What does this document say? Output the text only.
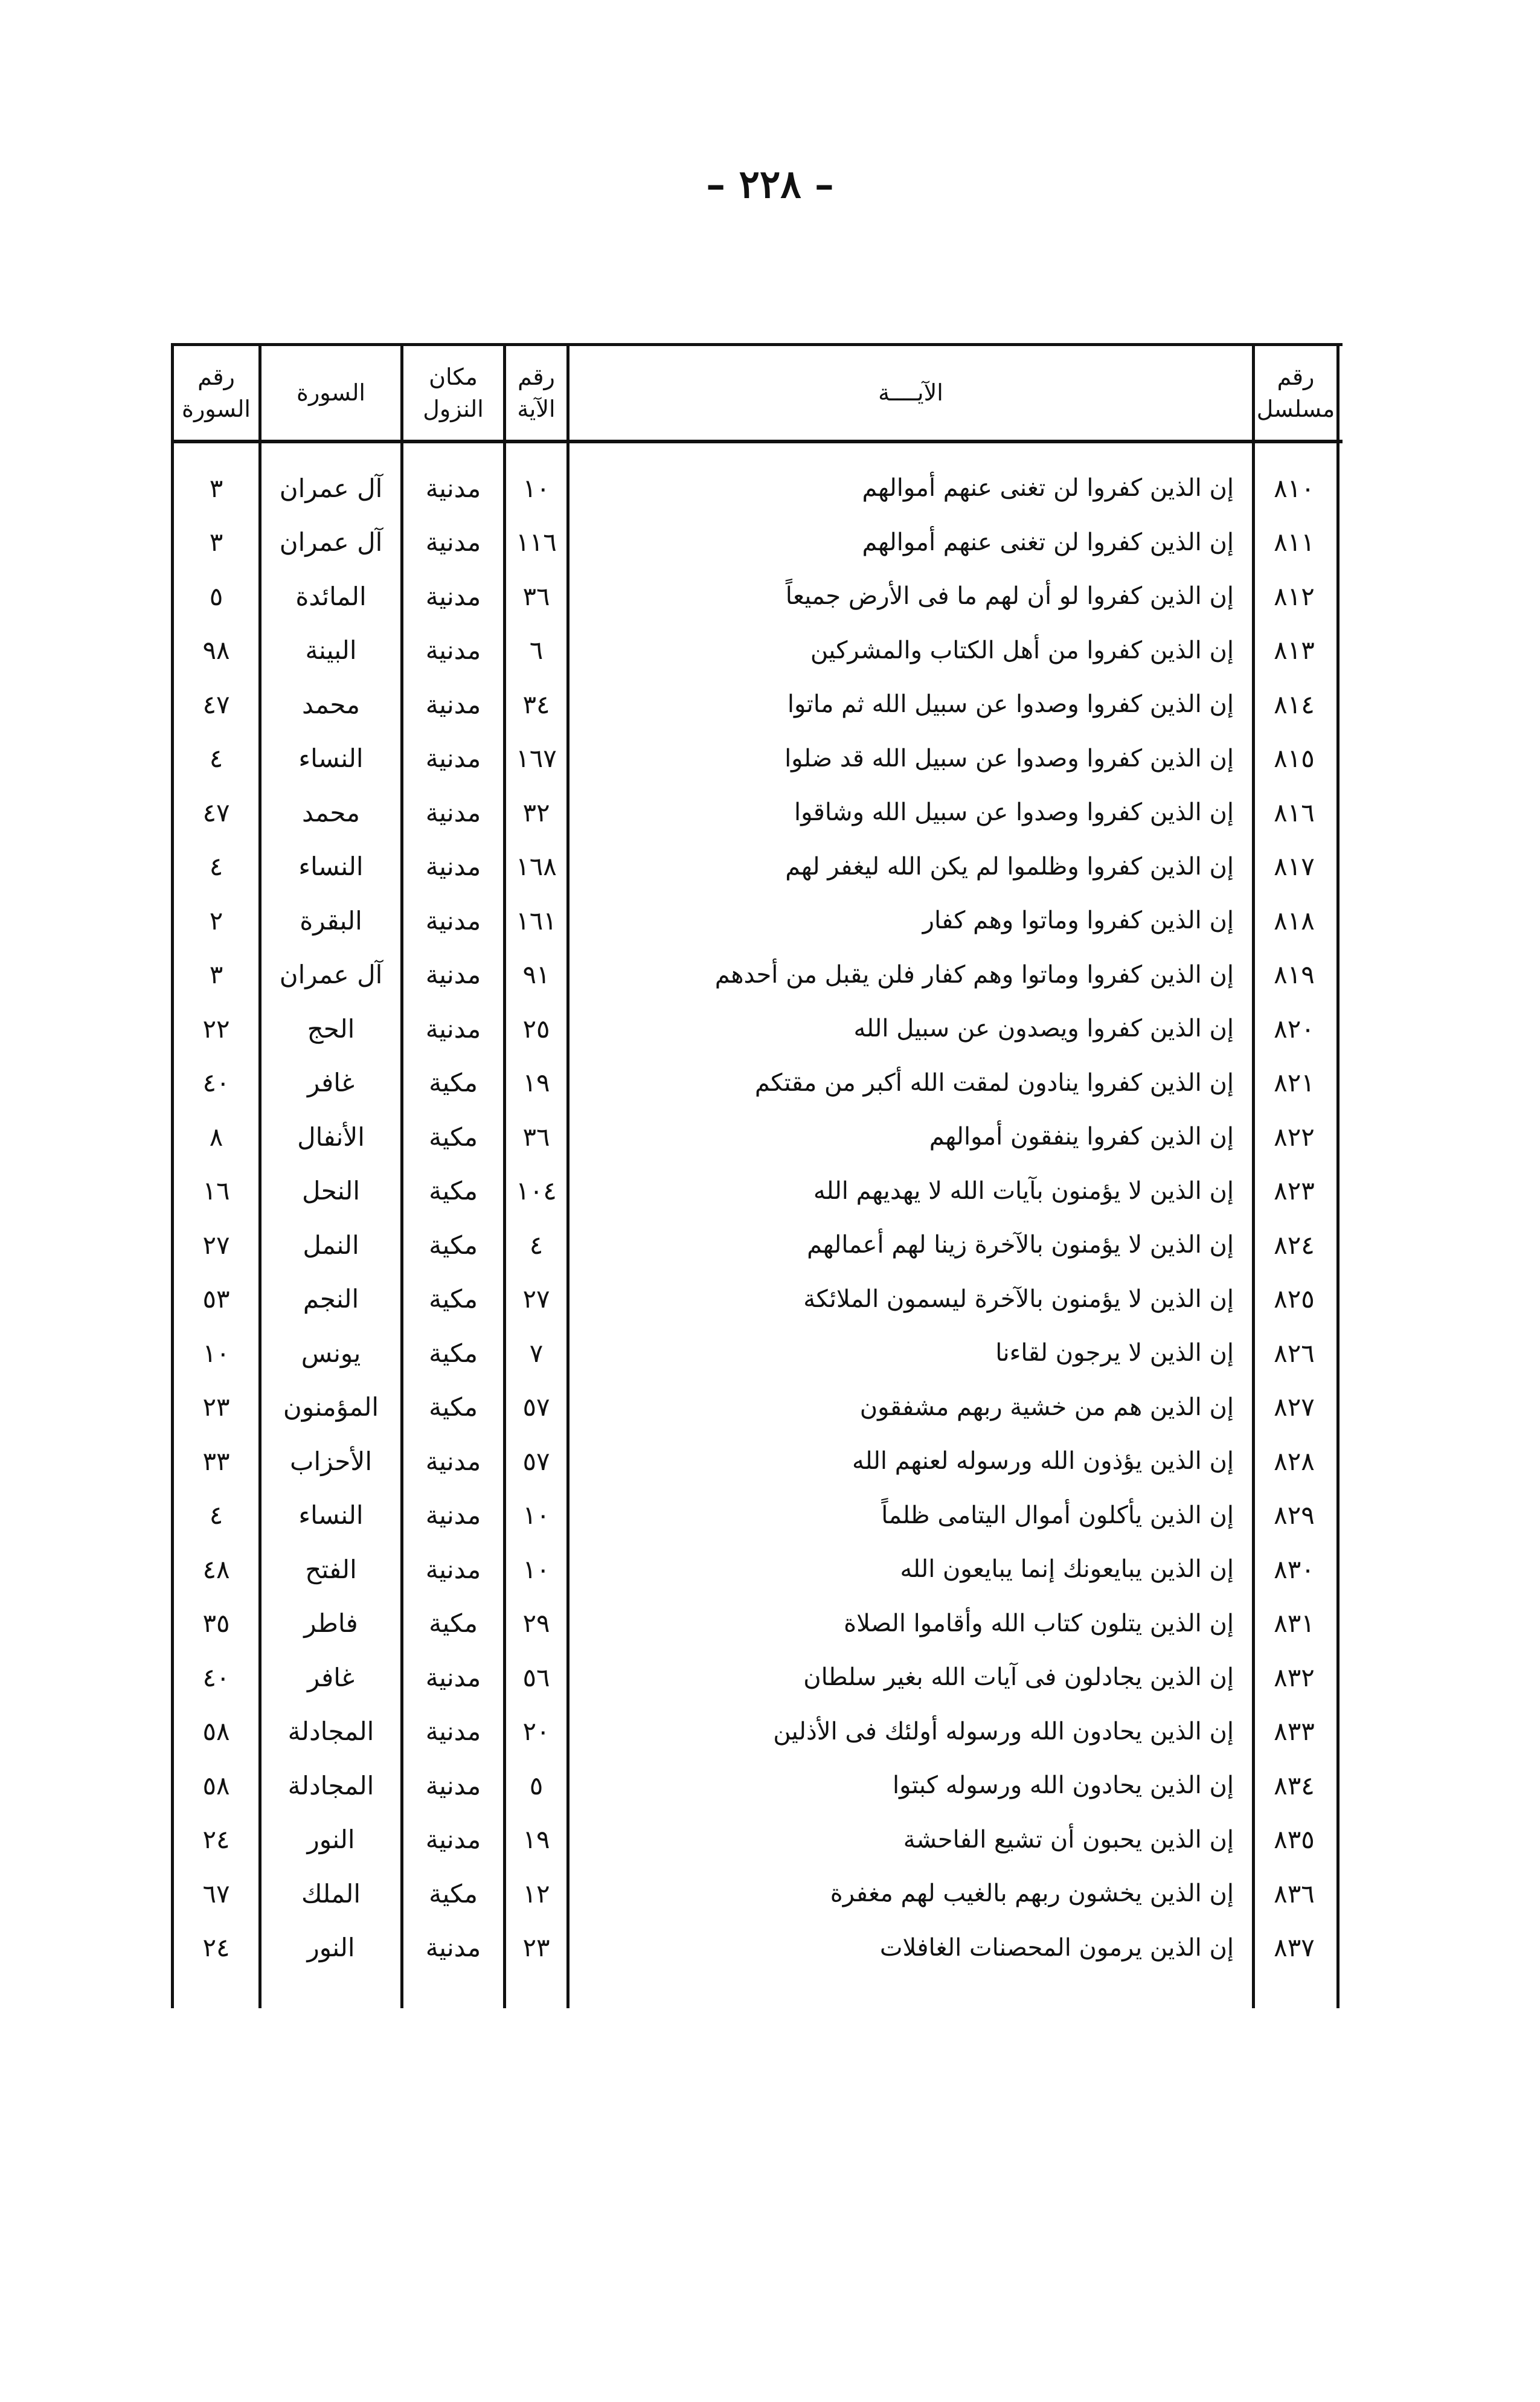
– ٢٢٨ –
رقم
مسلسل
الآيــــة
رقم
الآية
مكان
النزول
السورة
رقم
السورة
٨١٠
إن الذين كفروا لن تغنى عنهم أموالهم
١٠
مدنية
آل عمران
٣
٨١١
إن الذين كفروا لن تغنى عنهم أموالهم
١١٦
مدنية
آل عمران
٣
٨١٢
إن الذين كفروا لو أن لهم ما فى الأرض جميعاً
٣٦
مدنية
المائدة
٥
٨١٣
إن الذين كفروا من أهل الكتاب والمشركين
٦
مدنية
البينة
٩٨
٨١٤
إن الذين كفروا وصدوا عن سبيل الله ثم ماتوا
٣٤
مدنية
محمد
٤٧
٨١٥
إن الذين كفروا وصدوا عن سبيل الله قد ضلوا
١٦٧
مدنية
النساء
٤
٨١٦
إن الذين كفروا وصدوا عن سبيل الله وشاقوا
٣٢
مدنية
محمد
٤٧
٨١٧
إن الذين كفروا وظلموا لم يكن الله ليغفر لهم
١٦٨
مدنية
النساء
٤
٨١٨
إن الذين كفروا وماتوا وهم كفار
١٦١
مدنية
البقرة
٢
٨١٩
إن الذين كفروا وماتوا وهم كفار فلن يقبل من أحدهم
٩١
مدنية
آل عمران
٣
٨٢٠
إن الذين كفروا ويصدون عن سبيل الله
٢٥
مدنية
الحج
٢٢
٨٢١
إن الذين كفروا ينادون لمقت الله أكبر من مقتكم
١٩
مكية
غافر
٤٠
٨٢٢
إن الذين كفروا ينفقون أموالهم
٣٦
مكية
الأنفال
٨
٨٢٣
إن الذين لا يؤمنون بآيات الله لا يهديهم الله
١٠٤
مكية
النحل
١٦
٨٢٤
إن الذين لا يؤمنون بالآخرة زينا لهم أعمالهم
٤
مكية
النمل
٢٧
٨٢٥
إن الذين لا يؤمنون بالآخرة ليسمون الملائكة
٢٧
مكية
النجم
٥٣
٨٢٦
إن الذين لا يرجون لقاءنا
٧
مكية
يونس
١٠
٨٢٧
إن الذين هم من خشية ربهم مشفقون
٥٧
مكية
المؤمنون
٢٣
٨٢٨
إن الذين يؤذون الله ورسوله لعنهم الله
٥٧
مدنية
الأحزاب
٣٣
٨٢٩
إن الذين يأكلون أموال اليتامى ظلماً
١٠
مدنية
النساء
٤
٨٣٠
إن الذين يبايعونك إنما يبايعون الله
١٠
مدنية
الفتح
٤٨
٨٣١
إن الذين يتلون كتاب الله وأقاموا الصلاة
٢٩
مكية
فاطر
٣٥
٨٣٢
إن الذين يجادلون فى آيات الله بغير سلطان
٥٦
مدنية
غافر
٤٠
٨٣٣
إن الذين يحادون الله ورسوله أولئك فى الأذلين
٢٠
مدنية
المجادلة
٥٨
٨٣٤
إن الذين يحادون الله ورسوله كبتوا
٥
مدنية
المجادلة
٥٨
٨٣٥
إن الذين يحبون أن تشيع الفاحشة
١٩
مدنية
النور
٢٤
٨٣٦
إن الذين يخشون ربهم بالغيب لهم مغفرة
١٢
مكية
الملك
٦٧
٨٣٧
إن الذين يرمون المحصنات الغافلات
٢٣
مدنية
النور
٢٤
